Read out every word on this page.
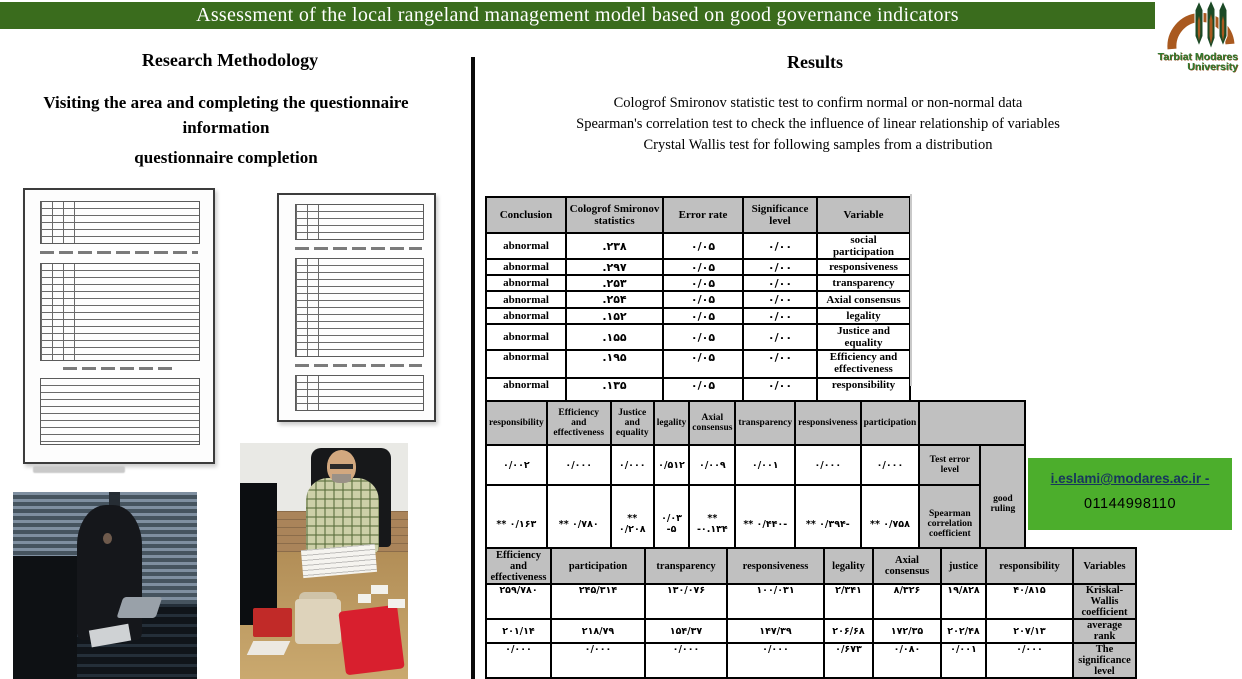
Assessment of the local rangeland management model based on good governance indicators
Tarbiat Modares
University
Research Methodology
Visiting the area and completing the questionnaire information
questionnaire completion
Results
Cologrof Smironov statistic test to confirm normal or non-normal data
Spearman's correlation test to check the influence of linear relationship of variables
Crystal Wallis test for following samples from a distribution
Conclusion	Cologrof Smironov statistics	Error rate	Significance level	Variable
abnormal	.۲۳۸	۰/۰۵	۰/۰۰	social participation
abnormal	.۲۹۷	۰/۰۵	۰/۰۰	responsiveness
abnormal	.۲۵۳	۰/۰۵	۰/۰۰	transparency
abnormal	.۲۵۴	۰/۰۵	۰/۰۰	Axial consensus
abnormal	.۱۵۲	۰/۰۵	۰/۰۰	legality
abnormal	.۱۵۵	۰/۰۵	۰/۰۰	Justice and equality
abnormal	.۱۹۵	۰/۰۵	۰/۰۰	Efficiency and effectiveness
abnormal	.۱۳۵	۰/۰۵	۰/۰۰	responsibility
responsibility	Efficiency and effectiveness	Justice and equality	legality	Axial consensus	transparency	responsiveness	participation		
۰/۰۰۲	۰/۰۰۰	۰/۰۰۰	۰/۵۱۲	۰/۰۰۹	۰/۰۰۱	۰/۰۰۰	۰/۰۰۰	Test error level	good ruling
** ۰/۱۶۳	** ۰/۷۸۰	** ۰/۲۰۸	۰/۰۳ -۵	** -۰.۱۳۴	** ۰/۴۴۰-	** ۰/۳۹۴-	** ۰/۷۵۸	Spearman correlation coefficient	
Efficiency and effectiveness	participation	transparency	responsiveness	legality	Axial consensus	justice	responsibility	Variables
۲۵۹/۷۸۰	۲۴۵/۳۱۴	۱۳۰/۰۷۶	۱۰۰/۰۳۱	۲/۳۴۱	۸/۳۲۶	۱۹/۸۲۸	۴۰/۸۱۵	Kriskal-Wallis coefficient
۲۰۱/۱۴	۲۱۸/۷۹	۱۵۴/۳۷	۱۴۷/۳۹	۲۰۶/۶۸	۱۷۲/۳۵	۲۰۲/۴۸	۲۰۷/۱۳	average rank
۰/۰۰۰	۰/۰۰۰	۰/۰۰۰	۰/۰۰۰	۰/۶۷۳	۰/۰۸۰	۰/۰۰۱	۰/۰۰۰	The significance level
i.eslami@modares.ac.ir -
01144998110
